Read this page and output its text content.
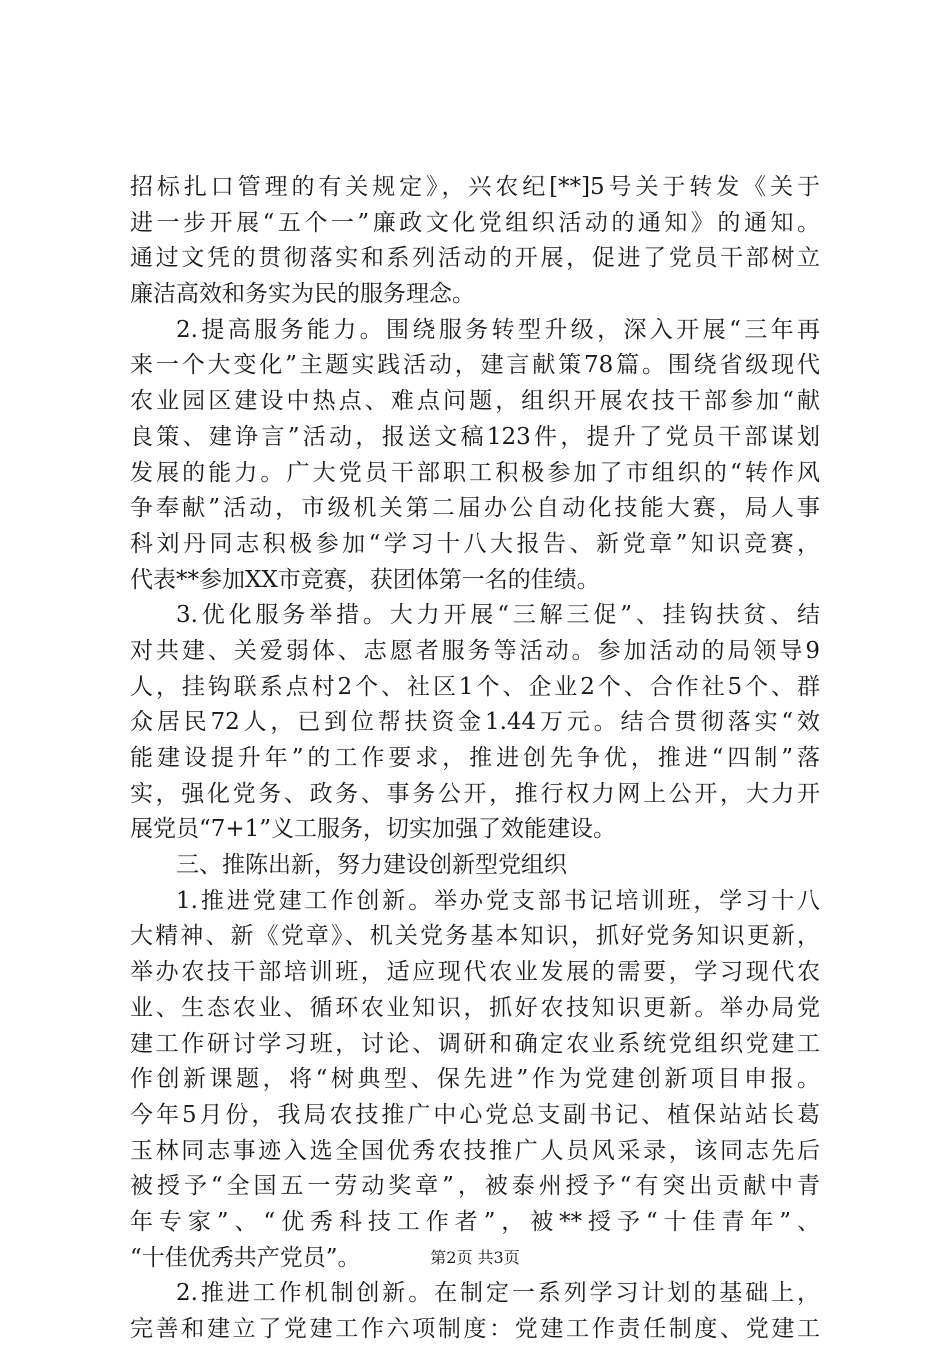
招标扎口管理的有关规定》，兴农纪[**]5号关于转发《关于
进一步开展“五个一”廉政文化党组织活动的通知》的通知。
通过文凭的贯彻落实和系列活动的开展，促进了党员干部树立
廉洁高效和务实为民的服务理念。
2.提高服务能力。围绕服务转型升级，深入开展“三年再
来一个大变化”主题实践活动，建言献策78篇。围绕省级现代
农业园区建设中热点、难点问题，组织开展农技干部参加“献
良策、建诤言”活动，报送文稿123件，提升了党员干部谋划
发展的能力。广大党员干部职工积极参加了市组织的“转作风
争奉献”活动，市级机关第二届办公自动化技能大赛，局人事
科刘丹同志积极参加“学习十八大报告、新党章”知识竞赛，
代表**参加XX市竞赛，获团体第一名的佳绩。
3.优化服务举措。大力开展“三解三促”、挂钩扶贫、结
对共建、关爱弱体、志愿者服务等活动。参加活动的局领导9
人，挂钩联系点村2个、社区1个、企业2个、合作社5个、群
众居民72人，已到位帮扶资金1.44万元。结合贯彻落实“效
能建设提升年”的工作要求，推进创先争优，推进“四制”落
实，强化党务、政务、事务公开，推行权力网上公开，大力开
展党员“7+1”义工服务，切实加强了效能建设。
三、推陈出新，努力建设创新型党组织
1.推进党建工作创新。举办党支部书记培训班，学习十八
大精神、新《党章》、机关党务基本知识，抓好党务知识更新，
举办农技干部培训班，适应现代农业发展的需要，学习现代农
业、生态农业、循环农业知识，抓好农技知识更新。举办局党
建工作研讨学习班，讨论、调研和确定农业系统党组织党建工
作创新课题，将“树典型、保先进”作为党建创新项目申报。
今年5月份，我局农技推广中心党总支副书记、植保站站长葛
玉林同志事迹入选全国优秀农技推广人员风采录，该同志先后
被授予“全国五一劳动奖章”，被泰州授予“有突出贡献中青
年专家”、“优秀科技工作者”，被**授予“十佳青年”、
“十佳优秀共产党员”。
2.推进工作机制创新。在制定一系列学习计划的基础上，
完善和建立了党建工作六项制度：党建工作责任制度、党建工
第2页 共3页
